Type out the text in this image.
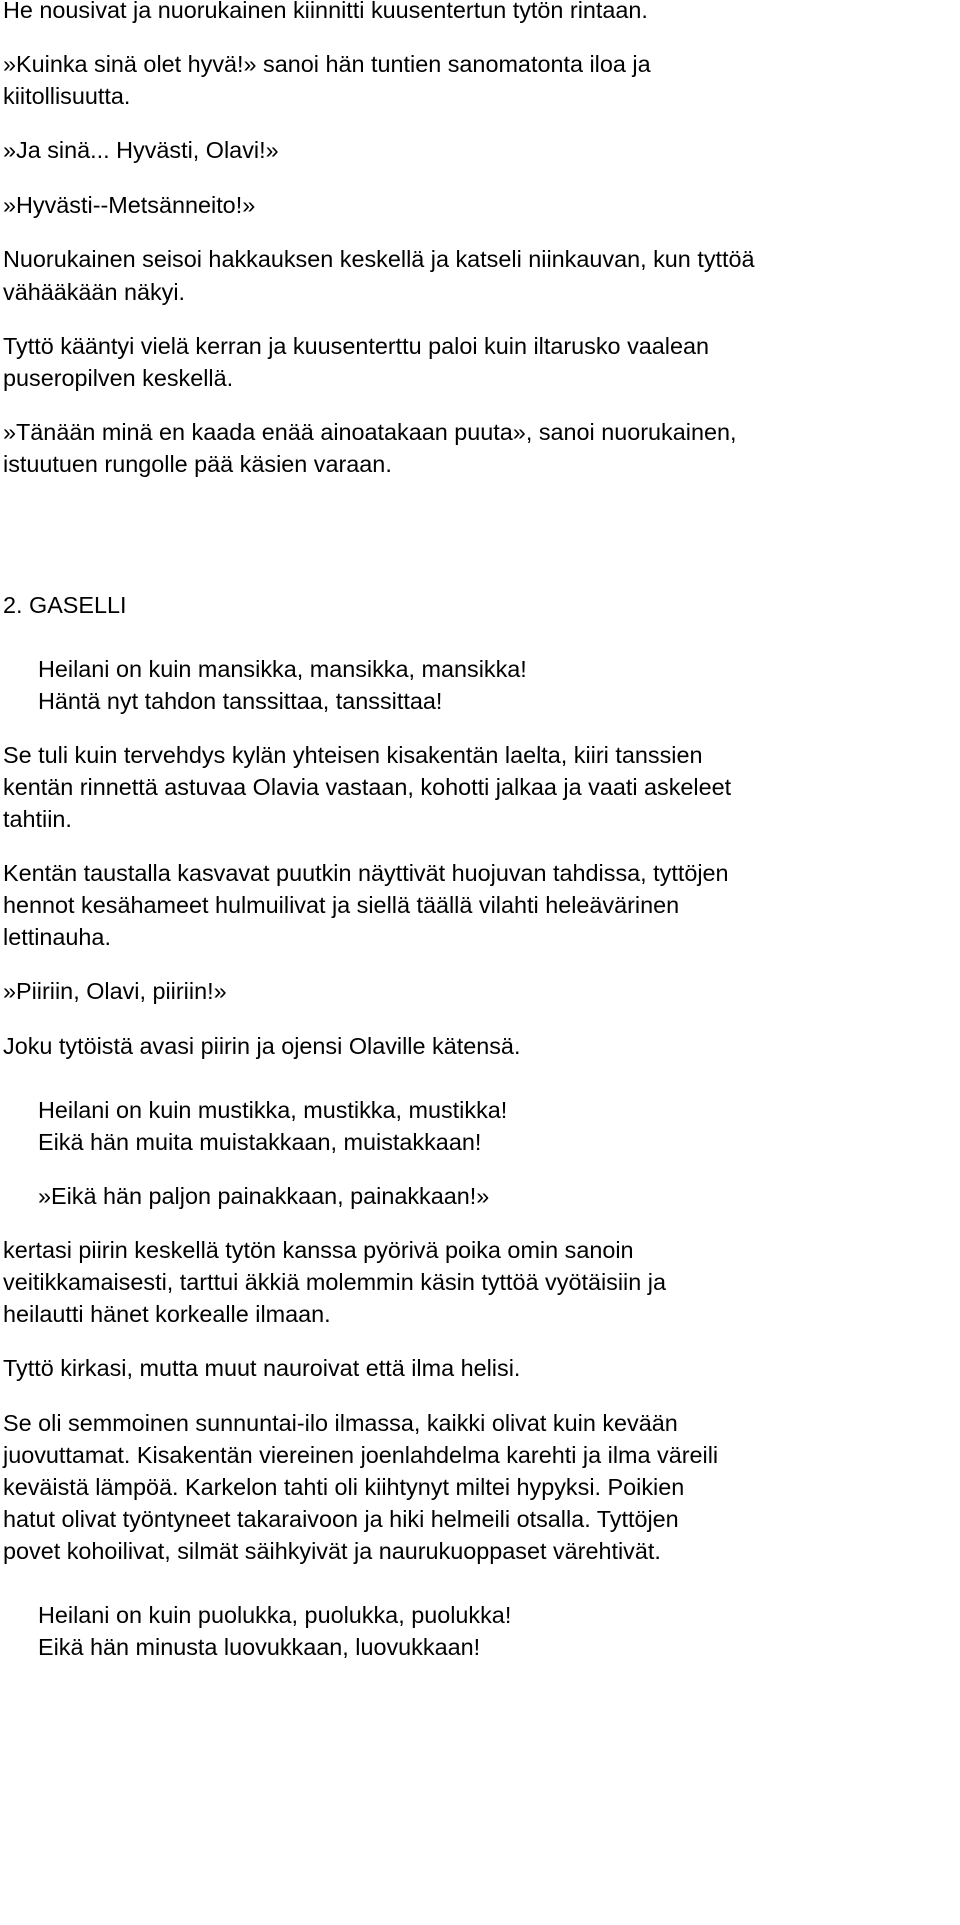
He nousivat ja nuorukainen kiinnitti kuusentertun tytön rintaan.
»Kuinka sinä olet hyvä!» sanoi hän tuntien sanomatonta iloa ja
kiitollisuutta.
»Ja sinä... Hyvästi, Olavi!»
»Hyvästi--Metsänneito!»
Nuorukainen seisoi hakkauksen keskellä ja katseli niinkauvan, kun tyttöä
vähääkään näkyi.
Tyttö kääntyi vielä kerran ja kuusenterttu paloi kuin iltarusko vaalean
puseropilven keskellä.
»Tänään minä en kaada enää ainoatakaan puuta», sanoi nuorukainen,
istuutuen rungolle pää käsien varaan.
2. GASELLI
Heilani on kuin mansikka, mansikka, mansikka!
Häntä nyt tahdon tanssittaa, tanssittaa!
Se tuli kuin tervehdys kylän yhteisen kisakentän laelta, kiiri tanssien
kentän rinnettä astuvaa Olavia vastaan, kohotti jalkaa ja vaati askeleet
tahtiin.
Kentän taustalla kasvavat puutkin näyttivät huojuvan tahdissa, tyttöjen
hennot kesähameet hulmuilivat ja siellä täällä vilahti heleävärinen
lettinauha.
»Piiriin, Olavi, piiriin!»
Joku tytöistä avasi piirin ja ojensi Olaville kätensä.
Heilani on kuin mustikka, mustikka, mustikka!
Eikä hän muita muistakkaan, muistakkaan!
»Eikä hän paljon painakkaan, painakkaan!»
kertasi piirin keskellä tytön kanssa pyörivä poika omin sanoin
veitikkamaisesti, tarttui äkkiä molemmin käsin tyttöä vyötäisiin ja
heilautti hänet korkealle ilmaan.
Tyttö kirkasi, mutta muut nauroivat että ilma helisi.
Se oli semmoinen sunnuntai-ilo ilmassa, kaikki olivat kuin kevään
juovuttamat. Kisakentän viereinen joenlahdelma karehti ja ilma väreili
keväistä lämpöä. Karkelon tahti oli kiihtynyt miltei hypyksi. Poikien
hatut olivat työntyneet takaraivoon ja hiki helmeili otsalla. Tyttöjen
povet kohoilivat, silmät säihkyivät ja naurukuoppaset värehtivät.
Heilani on kuin puolukka, puolukka, puolukka!
Eikä hän minusta luovukkaan, luovukkaan!
